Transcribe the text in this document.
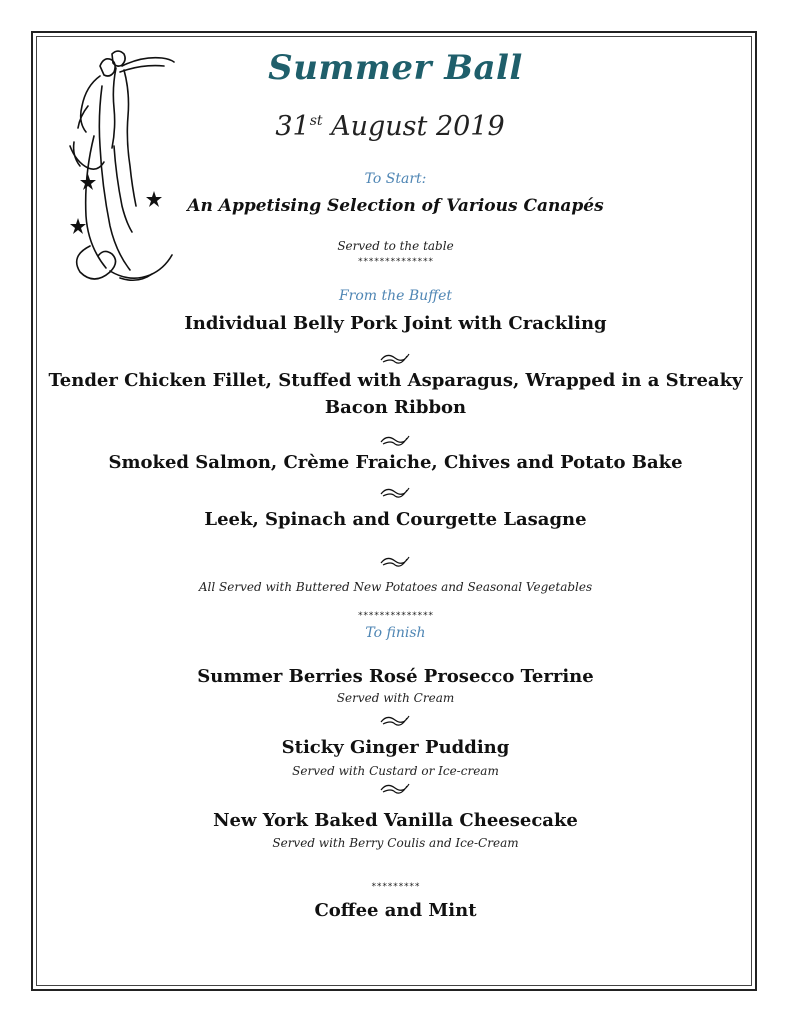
Summer Ball
31st August 2019
To Start:
An Appetising Selection of Various Canapés
Served to the table
**************
From the Buffet
Individual Belly Pork Joint with Crackling
Tender Chicken Fillet, Stuffed with Asparagus, Wrapped in a Streaky
Bacon Ribbon
Smoked Salmon, Crème Fraiche, Chives and Potato Bake
Leek, Spinach and Courgette Lasagne
All Served with Buttered New Potatoes and Seasonal Vegetables
**************
To finish
Summer Berries Rosé Prosecco Terrine
Served with Cream
Sticky Ginger Pudding
Served with Custard or Ice-cream
New York Baked Vanilla Cheesecake
Served with Berry Coulis and Ice-Cream
*********
Coffee and Mint
